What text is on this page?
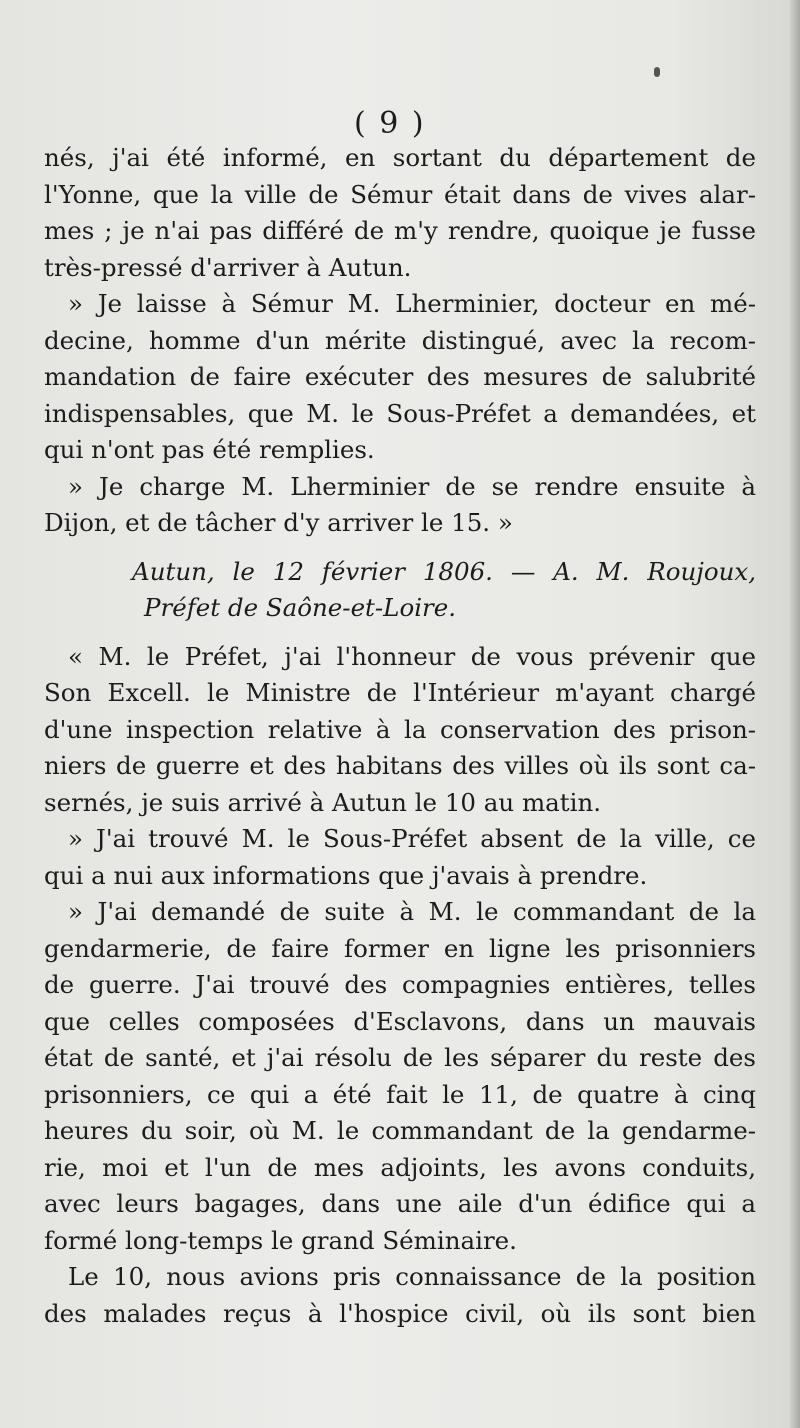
( 9 )
nés, j'ai été informé, en sortant du département de
l'Yonne, que la ville de Sémur était dans de vives alar-
mes ; je n'ai pas différé de m'y rendre, quoique je fusse
très-pressé d'arriver à Autun.
» Je laisse à Sémur M. Lherminier, docteur en mé-
decine, homme d'un mérite distingué, avec la recom-
mandation de faire exécuter des mesures de salubrité
indispensables, que M. le Sous-Préfet a demandées, et
qui n'ont pas été remplies.
» Je charge M. Lherminier de se rendre ensuite à
Dijon, et de tâcher d'y arriver le 15. »
Autun, le 12 février 1806. — A. M. Roujoux,
Préfet de Saône-et-Loire.
« M. le Préfet, j'ai l'honneur de vous prévenir que
Son Excell. le Ministre de l'Intérieur m'ayant chargé
d'une inspection relative à la conservation des prison-
niers de guerre et des habitans des villes où ils sont ca-
sernés, je suis arrivé à Autun le 10 au matin.
» J'ai trouvé M. le Sous-Préfet absent de la ville, ce
qui a nui aux informations que j'avais à prendre.
» J'ai demandé de suite à M. le commandant de la
gendarmerie, de faire former en ligne les prisonniers
de guerre. J'ai trouvé des compagnies entières, telles
que celles composées d'Esclavons, dans un mauvais
état de santé, et j'ai résolu de les séparer du reste des
prisonniers, ce qui a été fait le 11, de quatre à cinq
heures du soir, où M. le commandant de la gendarme-
rie, moi et l'un de mes adjoints, les avons conduits,
avec leurs bagages, dans une aile d'un édifice qui a
formé long-temps le grand Séminaire.
Le 10, nous avions pris connaissance de la position
des malades reçus à l'hospice civil, où ils sont bien
